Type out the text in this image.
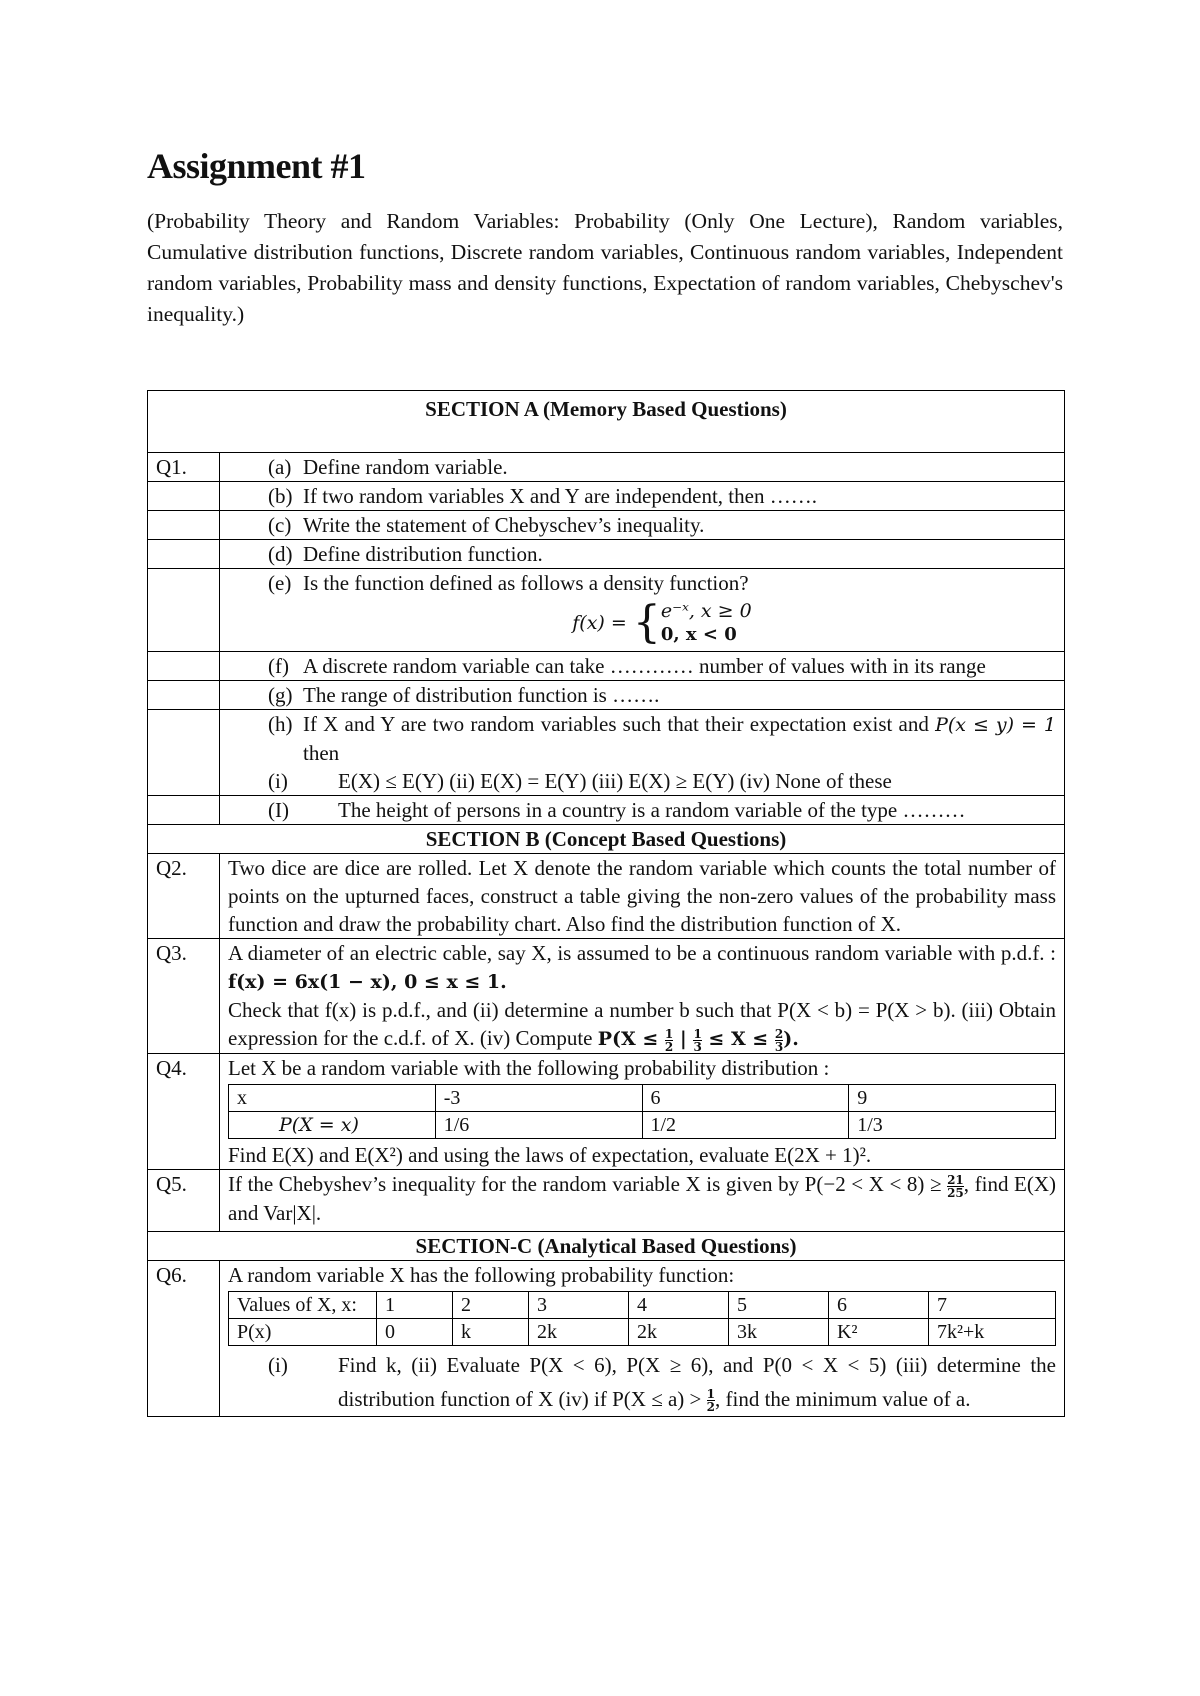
Assignment #1

(Probability Theory and Random Variables: Probability (Only One Lecture), Random variables, Cumulative distribution functions, Discrete random variables, Continuous random variables, Independent random variables, Probability mass and density functions, Expectation of random variables, Chebyschev's inequality.)

SECTION A (Memory Based Questions)
Q1.	(a) Define random variable.

(b) If two random variables X and Y are independent, then …….

(c) Write the statement of Chebyschev’s inequality.

(d) Define distribution function.

(e) Is the function defined as follows a density function?
f(x) = { e⁻ˣ, x ≥ 0
0, x < 0

(f) A discrete random variable can take ………… number of values with in its range

(g) The range of distribution function is …….

(h) If X and Y are two random variables such that their expectation exist and P(x ≤ y) = 1 then
(i)	E(X) ≤ E(Y) (ii) E(X) = E(Y) (iii) E(X) ≥ E(Y) (iv) None of these

(I)	The height of persons in a country is a random variable of the type ………

SECTION B (Concept Based Questions)
Q2.	Two dice are dice are rolled. Let X denote the random variable which counts the total number of points on the upturned faces, construct a table giving the non-zero values of the probability mass function and draw the probability chart. Also find the distribution function of X.
Q3.	A diameter of an electric cable, say X, is assumed to be a continuous random variable with p.d.f. : f(x) = 6x(1 − x), 0 ≤ x ≤ 1.
Check that f(x) is p.d.f., and (ii) determine a number b such that P(X < b) = P(X > b). (iii) Obtain expression for the c.d.f. of X. (iv) Compute $P(X \le \frac{1}{2}$ | $\frac{1}{3} \le X \le \frac{2}{3}$ ).
Q4.	Let X be a random variable with the following probability distribution :
x	-3	6	9
P(X = x)	1/6	1/2	1/3
Find E(X) and E(X²) and using the laws of expectation, evaluate E(2X + 1)².

Q5.	If the Chebyshev’s inequality for the random variable X is given by $P(-2 < X < 8) \ge \frac{21}{25}$ , find E(X) and Var|X|.
SECTION-C (Analytical Based Questions)
Q6.	A random variable X has the following probability function:
Values of X, x:	1	2	3	4	5	6	7
P(x)	0	k	2k	2k	3k	K²	7k²+k
(i)	Find k, (ii) Evaluate P(X < 6), P(X ≥ 6), and P(0 < X < 5) (iii) determine the distribution function of X (iv) if $P(X \le a) > \frac{1}{2}$ , find the minimum value of a.
